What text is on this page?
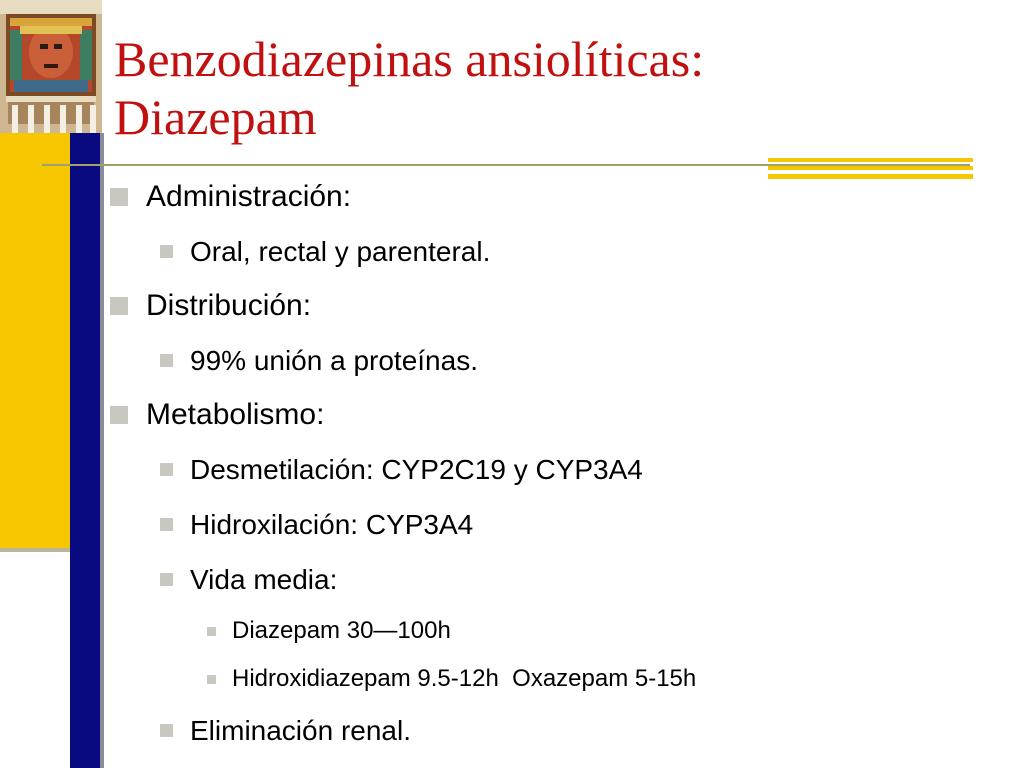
Benzodiazepinas ansiolíticas:
Diazepam
Administración:
Oral, rectal y parenteral.
Distribución:
99% unión a proteínas.
Metabolismo:
Desmetilación: CYP2C19 y CYP3A4
Hidroxilación: CYP3A4
Vida media:
Diazepam 30—100h
Hidroxidiazepam 9.5-12h  Oxazepam 5-15h
Eliminación renal.
